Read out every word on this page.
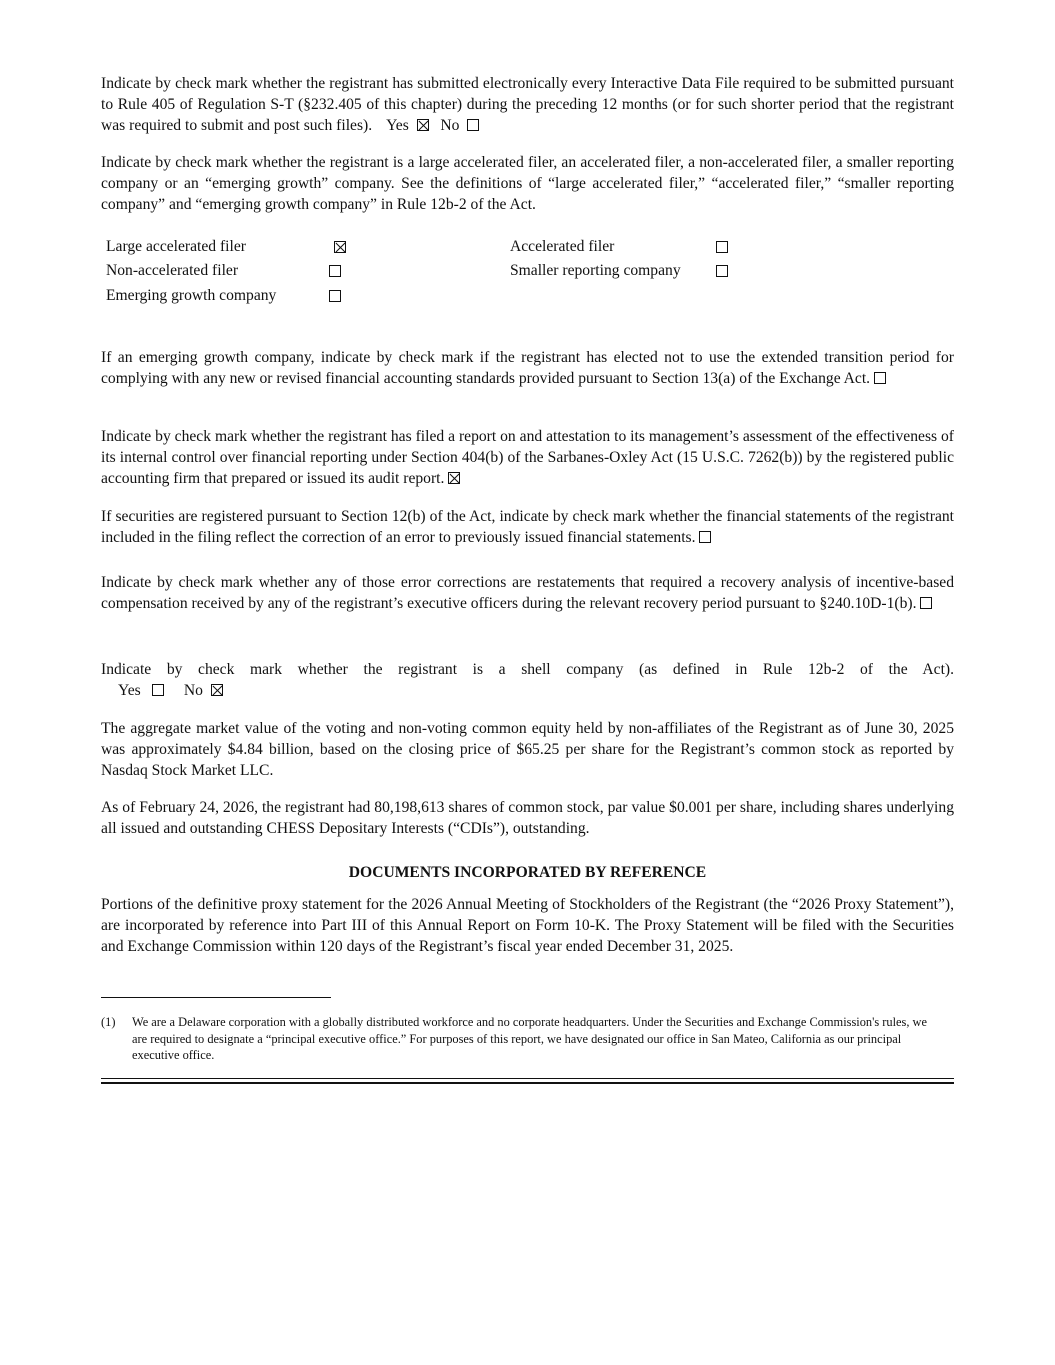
Indicate by check mark whether the registrant has submitted electronically every Interactive Data File required to be submitted pursuant to Rule 405 of Regulation S-T (§232.405 of this chapter) during the preceding 12 months (or for such shorter period that the registrant was required to submit and post such files). Yes No

Indicate by check mark whether the registrant is a large accelerated filer, an accelerated filer, a non-accelerated filer, a smaller reporting company or an “emerging growth” company. See the definitions of “large accelerated filer,” “accelerated filer,” “smaller reporting company” and “emerging growth company” in Rule 12b-2 of the Act.

Large accelerated filer	Accelerated filer
Non-accelerated filer	Smaller reporting company
Emerging growth company

If an emerging growth company, indicate by check mark if the registrant has elected not to use the extended transition period for complying with any new or revised financial accounting standards provided pursuant to Section 13(a) of the Exchange Act.

Indicate by check mark whether the registrant has filed a report on and attestation to its management’s assessment of the effectiveness of its internal control over financial reporting under Section 404(b) of the Sarbanes-Oxley Act (15 U.S.C. 7262(b)) by the registered public accounting firm that prepared or issued its audit report.

If securities are registered pursuant to Section 12(b) of the Act, indicate by check mark whether the financial statements of the registrant included in the filing reflect the correction of an error to previously issued financial statements.

Indicate by check mark whether any of those error corrections are restatements that required a recovery analysis of incentive-based compensation received by any of the registrant’s executive officers during the relevant recovery period pursuant to §240.10D-1(b).

Indicate by check mark whether the registrant is a shell company (as defined in Rule 12b-2 of the Act).

Yes	No

The aggregate market value of the voting and non-voting common equity held by non-affiliates of the Registrant as of June 30, 2025 was approximately $4.84 billion, based on the closing price of $65.25 per share for the Registrant’s common stock as reported by Nasdaq Stock Market LLC.

As of February 24, 2026, the registrant had 80,198,613 shares of common stock, par value $0.001 per share, including shares underlying all issued and outstanding CHESS Depositary Interests (“CDIs”), outstanding.

DOCUMENTS INCORPORATED BY REFERENCE

Portions of the definitive proxy statement for the 2026 Annual Meeting of Stockholders of the Registrant (the “2026 Proxy Statement”), are incorporated by reference into Part III of this Annual Report on Form 10-K. The Proxy Statement will be filed with the Securities and Exchange Commission within 120 days of the Registrant’s fiscal year ended December 31, 2025.

(1) We are a Delaware corporation with a globally distributed workforce and no corporate headquarters. Under the Securities and Exchange Commission's rules, we are required to designate a “principal executive office.” For purposes of this report, we have designated our office in San Mateo, California as our principal executive office.
